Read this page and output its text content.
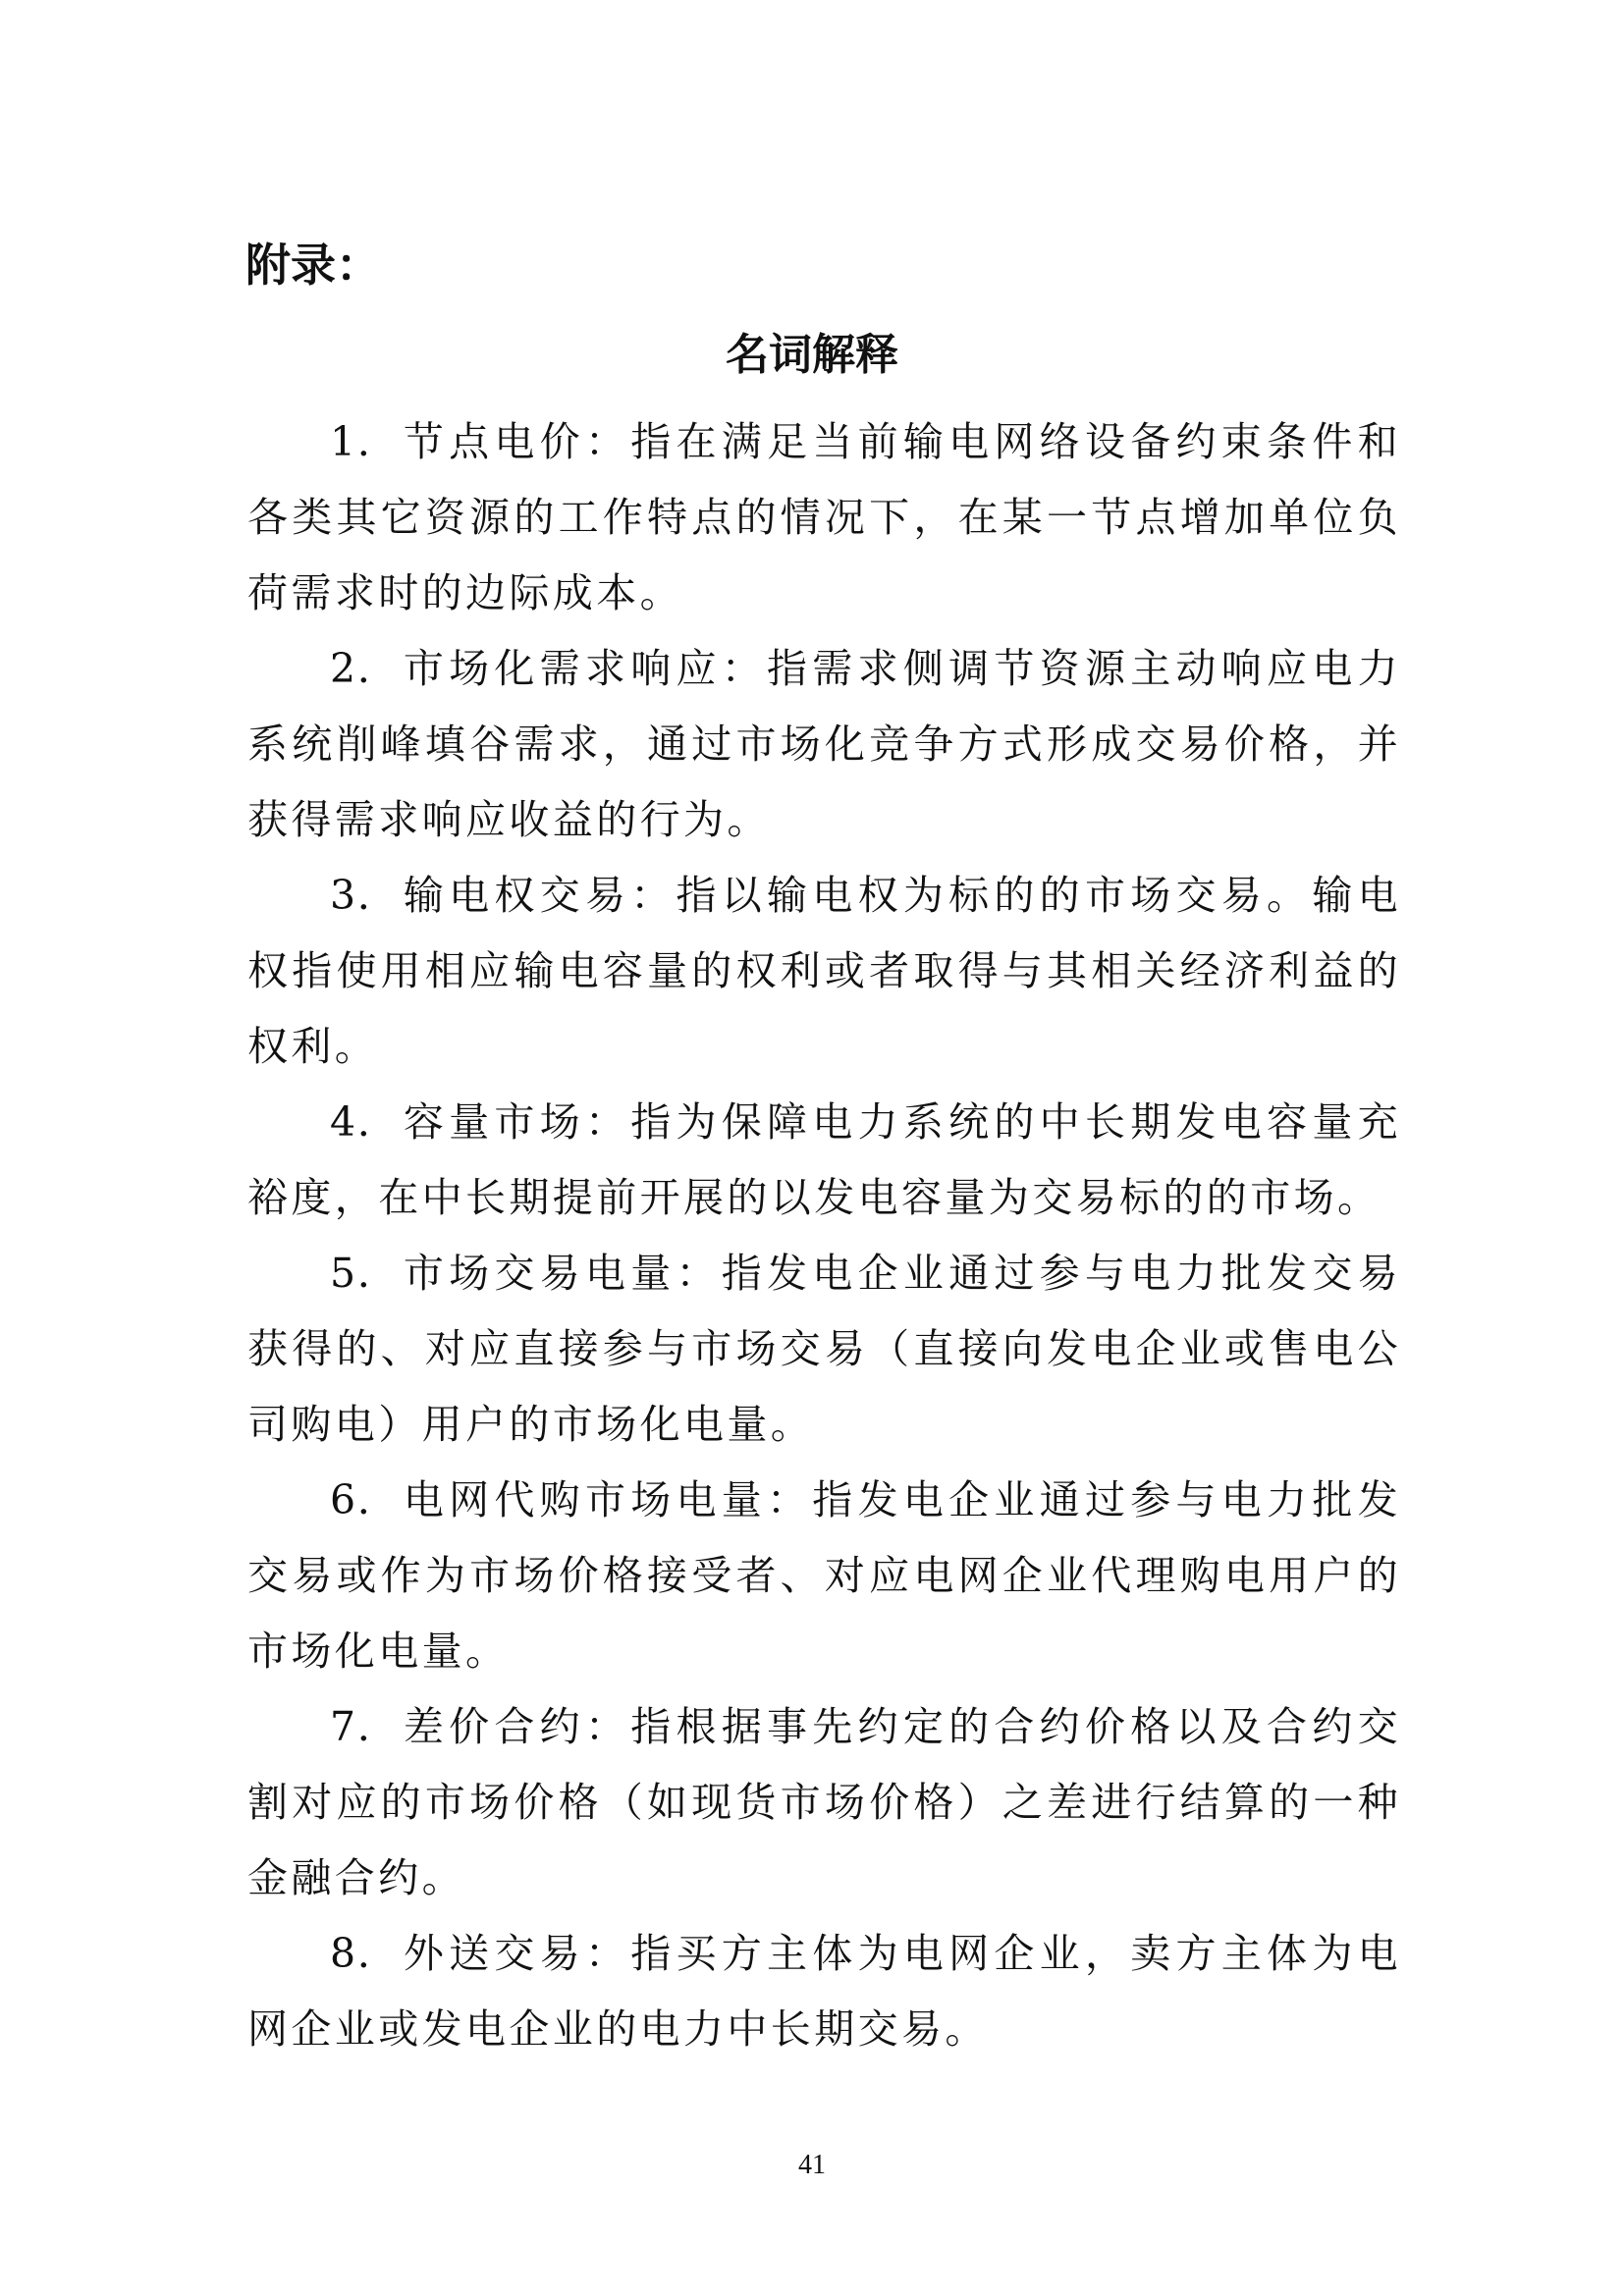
附录：
名词解释
1．节点电价：指在满足当前输电网络设备约束条件和各类其它资源的工作特点的情况下，在某一节点增加单位负荷需求时的边际成本。
2．市场化需求响应：指需求侧调节资源主动响应电力系统削峰填谷需求，通过市场化竞争方式形成交易价格，并获得需求响应收益的行为。
3．输电权交易：指以输电权为标的的市场交易。输电权指使用相应输电容量的权利或者取得与其相关经济利益的权利。
4．容量市场：指为保障电力系统的中长期发电容量充裕度，在中长期提前开展的以发电容量为交易标的的市场。
5．市场交易电量：指发电企业通过参与电力批发交易获得的、对应直接参与市场交易（直接向发电企业或售电公司购电）用户的市场化电量。
6．电网代购市场电量：指发电企业通过参与电力批发交易或作为市场价格接受者、对应电网企业代理购电用户的市场化电量。
7．差价合约：指根据事先约定的合约价格以及合约交割对应的市场价格（如现货市场价格）之差进行结算的一种金融合约。
8．外送交易：指买方主体为电网企业，卖方主体为电网企业或发电企业的电力中长期交易。
41
